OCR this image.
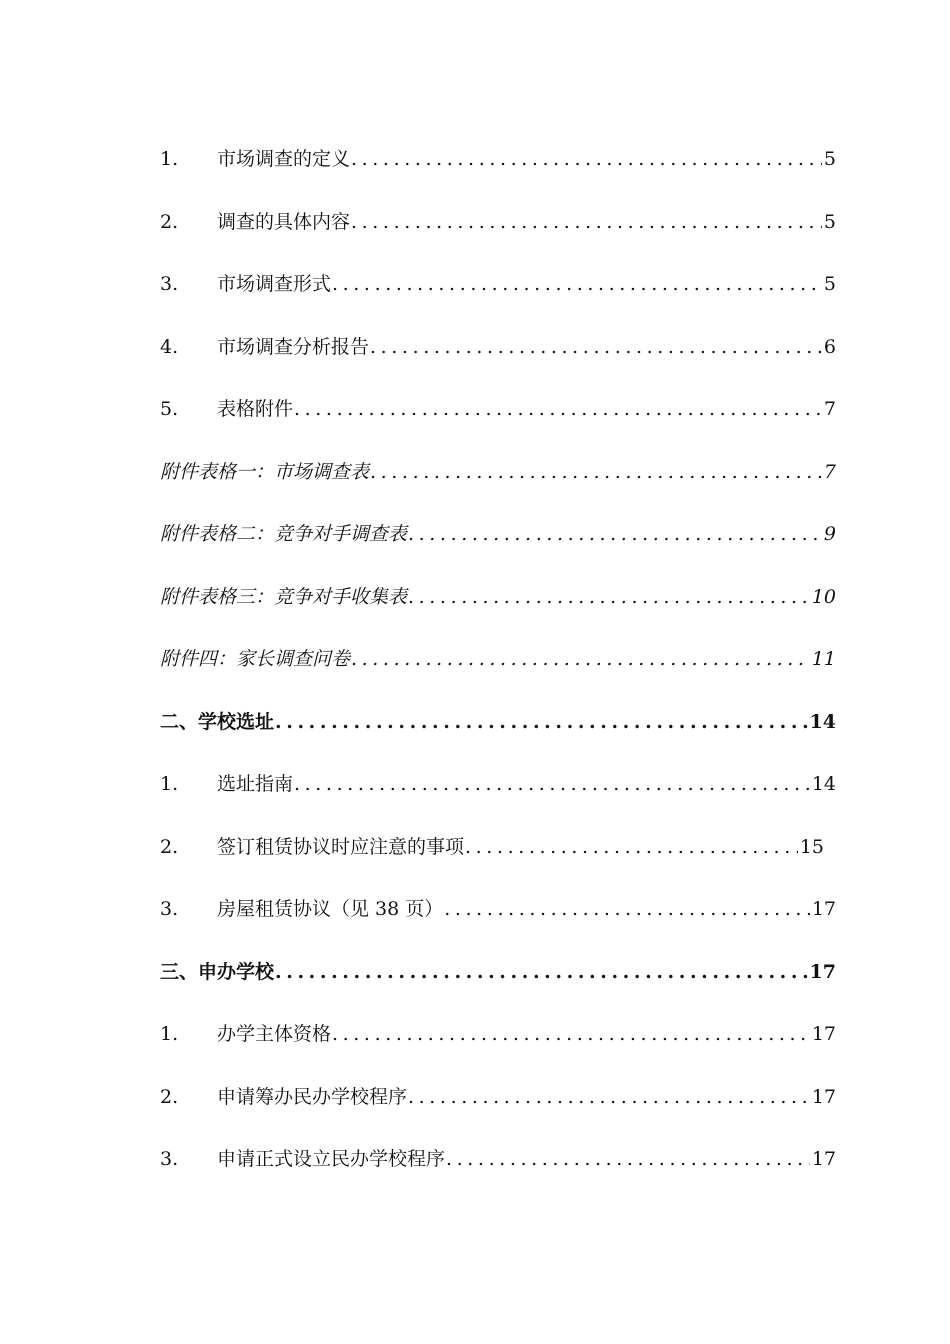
1.	市场调查的定义 .....	5
2.	调查的具体内容 .....	5
3.	市场调查形式 .....	5
4.	市场调查分析报告 .....	6
5.	表格附件 .....	7
附件表格一：市场调查表 .....	7
附件表格二：竞争对手调查表 .....	9
附件表格三：竞争对手收集表 .....	10
附件四：家长调查问卷 .....	11
二、学校选址 .....	14
1.	选址指南 .....	14
2.	签订租赁协议时应注意的事项 .....	15
3.	房屋租赁协议（见 38 页） .....	17
三、申办学校 .....	17
1.	办学主体资格 .....	17
2.	申请筹办民办学校程序 .....	17
3.	申请正式设立民办学校程序 .....	17
